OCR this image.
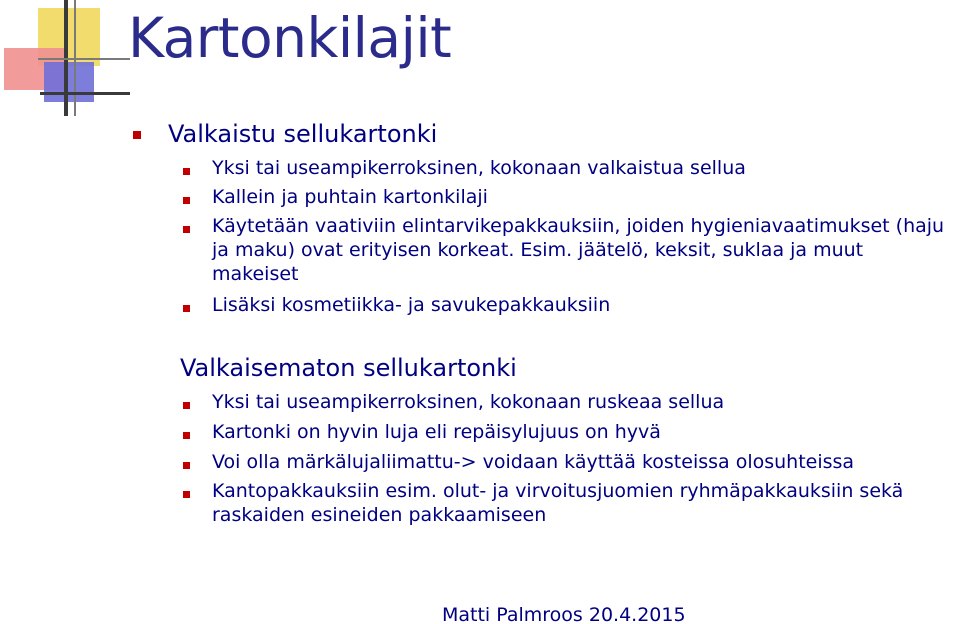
Kartonkilajit
Valkaistu sellukartonki
Yksi tai useampikerroksinen, kokonaan valkaistua sellua
Kallein ja puhtain kartonkilaji
Käytetään vaativiin elintarvikepakkauksiin, joiden hygieniavaatimukset (haju
ja maku) ovat erityisen korkeat. Esim. jäätelö, keksit, suklaa ja muut
makeiset
Lisäksi kosmetiikka- ja savukepakkauksiin
Valkaisematon sellukartonki
Yksi tai useampikerroksinen, kokonaan ruskeaa sellua
Kartonki on hyvin luja eli repäisylujuus on hyvä
Voi olla märkälujaliimattu-> voidaan käyttää kosteissa olosuhteissa
Kantopakkauksiin esim. olut- ja virvoitusjuomien ryhmäpakkauksiin sekä
raskaiden esineiden pakkaamiseen
Matti Palmroos 20.4.2015
